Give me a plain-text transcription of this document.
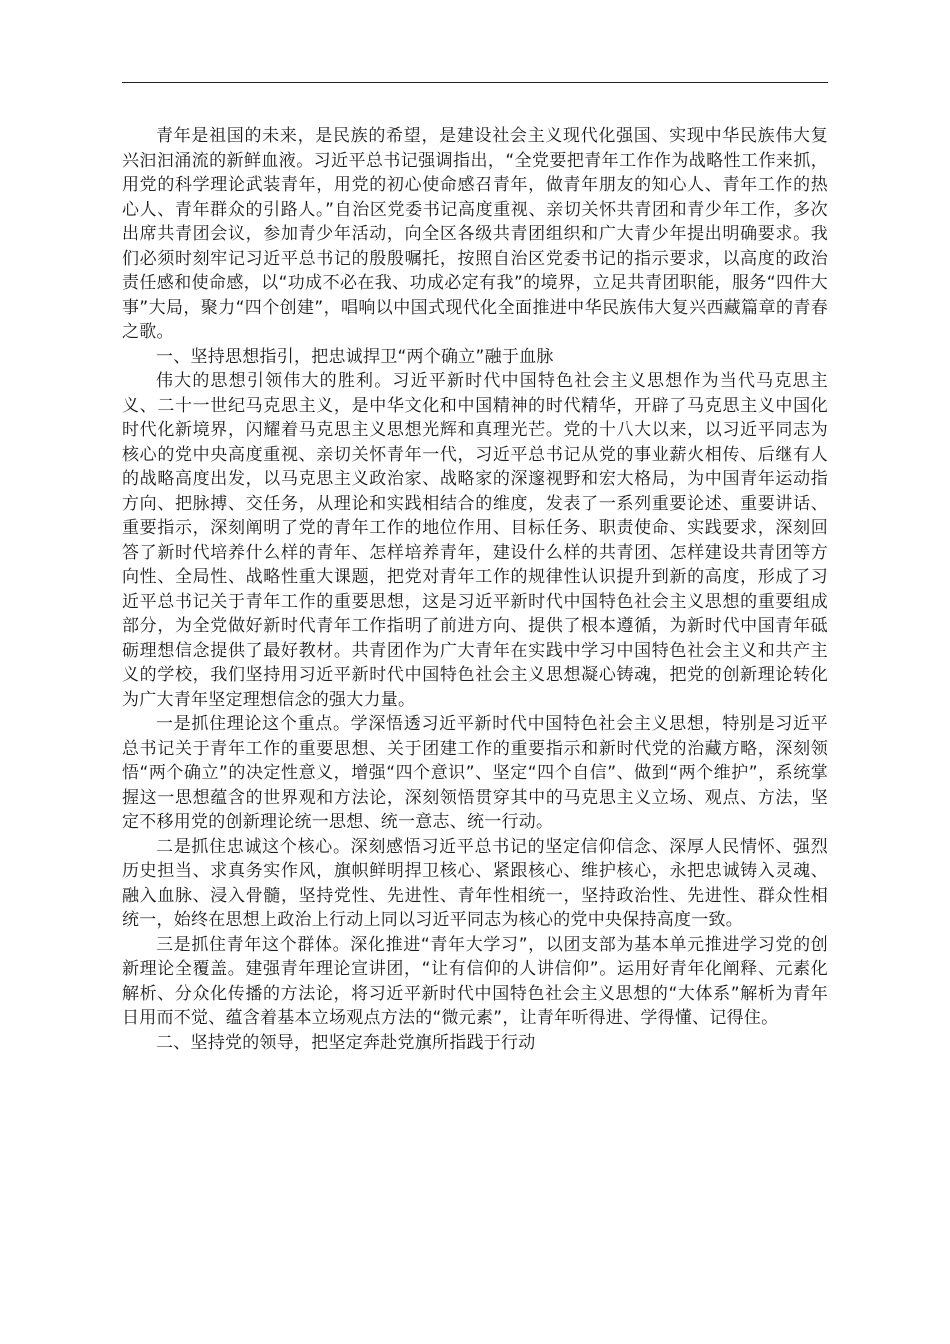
青年是祖国的未来，是民族的希望，是建设社会主义现代化强国、实现中华民族伟大复兴汩汩涌流的新鲜血液。习近平总书记强调指出，“全党要把青年工作作为战略性工作来抓，用党的科学理论武装青年，用党的初心使命感召青年，做青年朋友的知心人、青年工作的热心人、青年群众的引路人。”自治区党委书记高度重视、亲切关怀共青团和青少年工作，多次出席共青团会议，参加青少年活动，向全区各级共青团组织和广大青少年提出明确要求。我们必须时刻牢记习近平总书记的殷殷嘱托，按照自治区党委书记的指示要求，以高度的政治责任感和使命感，以“功成不必在我、功成必定有我”的境界，立足共青团职能，服务“四件大事”大局，聚力“四个创建”，唱响以中国式现代化全面推进中华民族伟大复兴西藏篇章的青春之歌。

一、坚持思想指引，把忠诚捍卫“两个确立”融于血脉

伟大的思想引领伟大的胜利。习近平新时代中国特色社会主义思想作为当代马克思主义、二十一世纪马克思主义，是中华文化和中国精神的时代精华，开辟了马克思主义中国化时代化新境界，闪耀着马克思主义思想光辉和真理光芒。党的十八大以来，以习近平同志为核心的党中央高度重视、亲切关怀青年一代，习近平总书记从党的事业薪火相传、后继有人的战略高度出发，以马克思主义政治家、战略家的深邃视野和宏大格局，为中国青年运动指方向、把脉搏、交任务，从理论和实践相结合的维度，发表了一系列重要论述、重要讲话、重要指示，深刻阐明了党的青年工作的地位作用、目标任务、职责使命、实践要求，深刻回答了新时代培养什么样的青年、怎样培养青年，建设什么样的共青团、怎样建设共青团等方向性、全局性、战略性重大课题，把党对青年工作的规律性认识提升到新的高度，形成了习近平总书记关于青年工作的重要思想，这是习近平新时代中国特色社会主义思想的重要组成部分，为全党做好新时代青年工作指明了前进方向、提供了根本遵循，为新时代中国青年砥砺理想信念提供了最好教材。共青团作为广大青年在实践中学习中国特色社会主义和共产主义的学校，我们坚持用习近平新时代中国特色社会主义思想凝心铸魂，把党的创新理论转化为广大青年坚定理想信念的强大力量。

一是抓住理论这个重点。学深悟透习近平新时代中国特色社会主义思想，特别是习近平总书记关于青年工作的重要思想、关于团建工作的重要指示和新时代党的治藏方略，深刻领悟“两个确立”的决定性意义，增强“四个意识”、坚定“四个自信”、做到“两个维护”，系统掌握这一思想蕴含的世界观和方法论，深刻领悟贯穿其中的马克思主义立场、观点、方法，坚定不移用党的创新理论统一思想、统一意志、统一行动。

二是抓住忠诚这个核心。深刻感悟习近平总书记的坚定信仰信念、深厚人民情怀、强烈历史担当、求真务实作风，旗帜鲜明捍卫核心、紧跟核心、维护核心，永把忠诚铸入灵魂、融入血脉、浸入骨髓，坚持党性、先进性、青年性相统一，坚持政治性、先进性、群众性相统一，始终在思想上政治上行动上同以习近平同志为核心的党中央保持高度一致。

三是抓住青年这个群体。深化推进“青年大学习”，以团支部为基本单元推进学习党的创新理论全覆盖。建强青年理论宣讲团，“让有信仰的人讲信仰”。运用好青年化阐释、元素化解析、分众化传播的方法论，将习近平新时代中国特色社会主义思想的“大体系”解析为青年日用而不觉、蕴含着基本立场观点方法的“微元素”，让青年听得进、学得懂、记得住。

二、坚持党的领导，把坚定奔赴党旗所指践于行动
